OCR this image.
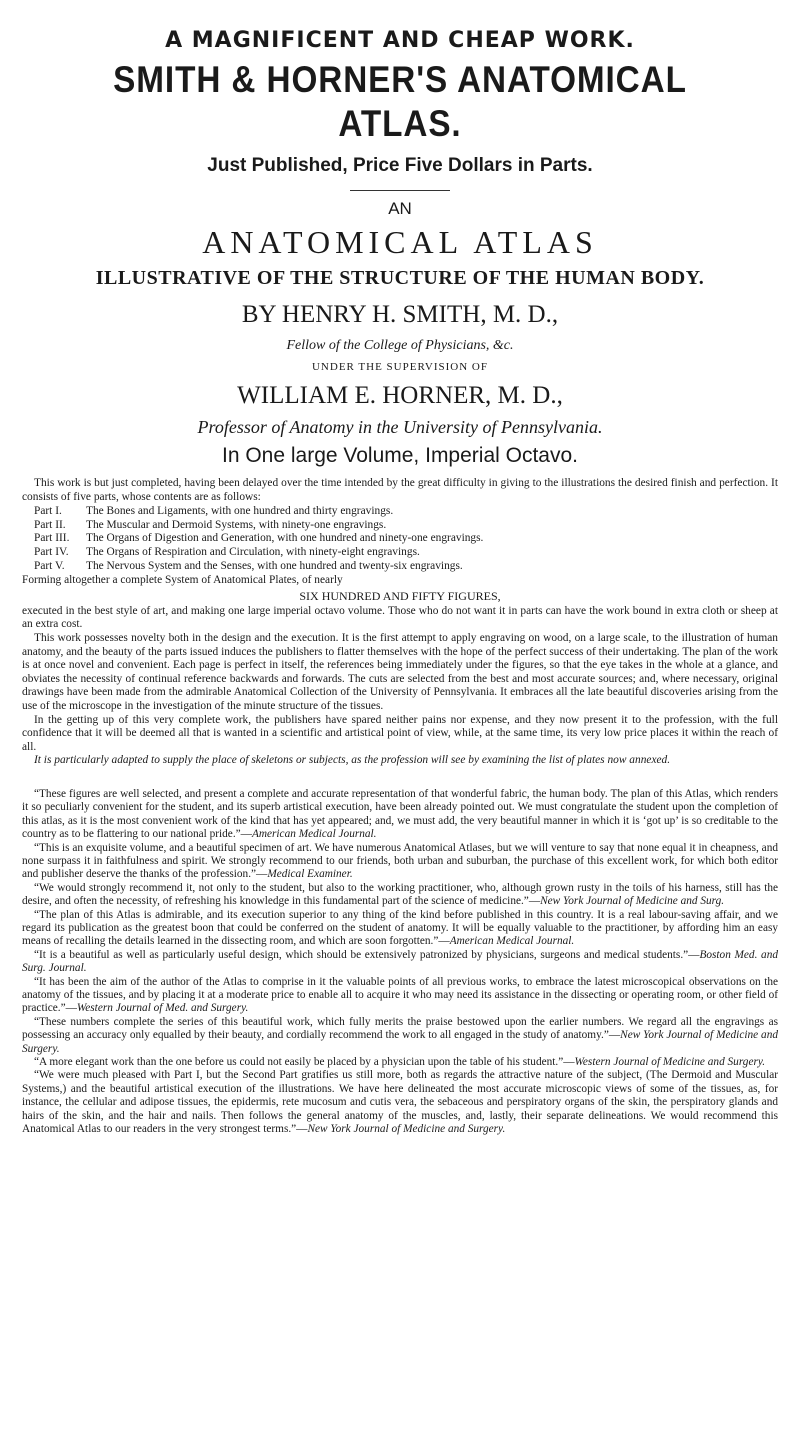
A MAGNIFICENT AND CHEAP WORK.
SMITH & HORNER'S ANATOMICAL ATLAS.
Just Published, Price Five Dollars in Parts.
AN
ANATOMICAL ATLAS
ILLUSTRATIVE OF THE STRUCTURE OF THE HUMAN BODY.
BY HENRY H. SMITH, M. D.,
Fellow of the College of Physicians, &c.
UNDER THE SUPERVISION OF
WILLIAM E. HORNER, M. D.,
Professor of Anatomy in the University of Pennsylvania.
In One large Volume, Imperial Octavo.

This work is but just completed, having been delayed over the time intended by the great difficulty in giving to the illustrations the desired finish and perfection. It consists of five parts, whose contents are as follows:

Part I.	The Bones and Ligaments, with one hundred and thirty engravings.
Part II.	The Muscular and Dermoid Systems, with ninety-one engravings.
Part III.	The Organs of Digestion and Generation, with one hundred and ninety-one engravings.
Part IV.	The Organs of Respiration and Circulation, with ninety-eight engravings.
Part V.	The Nervous System and the Senses, with one hundred and twenty-six engravings.
Forming altogether a complete System of Anatomical Plates, of nearly
SIX HUNDRED AND FIFTY FIGURES,
executed in the best style of art, and making one large imperial octavo volume. Those who do not want it in parts can have the work bound in extra cloth or sheep at an extra cost.

This work possesses novelty both in the design and the execution. It is the first attempt to apply engraving on wood, on a large scale, to the illustration of human anatomy, and the beauty of the parts issued induces the publishers to flatter themselves with the hope of the perfect success of their undertaking. The plan of the work is at once novel and convenient. Each page is perfect in itself, the references being immediately under the figures, so that the eye takes in the whole at a glance, and obviates the necessity of continual reference backwards and forwards. The cuts are selected from the best and most accurate sources; and, where necessary, original drawings have been made from the admirable Anatomical Collection of the University of Pennsylvania. It embraces all the late beautiful discoveries arising from the use of the microscope in the investigation of the minute structure of the tissues.

In the getting up of this very complete work, the publishers have spared neither pains nor expense, and they now present it to the profession, with the full confidence that it will be deemed all that is wanted in a scientific and artistical point of view, while, at the same time, its very low price places it within the reach of all.

It is particularly adapted to supply the place of skeletons or subjects, as the profession will see by examining the list of plates now annexed.

“These figures are well selected, and present a complete and accurate representation of that wonderful fabric, the human body. The plan of this Atlas, which renders it so peculiarly convenient for the student, and its superb artistical execution, have been already pointed out. We must congratulate the student upon the completion of this atlas, as it is the most convenient work of the kind that has yet appeared; and, we must add, the very beautiful manner in which it is ‘got up’ is so creditable to the country as to be flattering to our national pride.”—American Medical Journal.

“This is an exquisite volume, and a beautiful specimen of art. We have numerous Anatomical Atlases, but we will venture to say that none equal it in cheapness, and none surpass it in faithfulness and spirit. We strongly recommend to our friends, both urban and suburban, the purchase of this excellent work, for which both editor and publisher deserve the thanks of the profession.”—Medical Examiner.

“We would strongly recommend it, not only to the student, but also to the working practitioner, who, although grown rusty in the toils of his harness, still has the desire, and often the necessity, of refreshing his knowledge in this fundamental part of the science of medicine.”—New York Journal of Medicine and Surg.

“The plan of this Atlas is admirable, and its execution superior to any thing of the kind before published in this country. It is a real labour-saving affair, and we regard its publication as the greatest boon that could be conferred on the student of anatomy. It will be equally valuable to the practitioner, by affording him an easy means of recalling the details learned in the dissecting room, and which are soon forgotten.”—American Medical Journal.

“It is a beautiful as well as particularly useful design, which should be extensively patronized by physicians, surgeons and medical students.”—Boston Med. and Surg. Journal.

“It has been the aim of the author of the Atlas to comprise in it the valuable points of all previous works, to embrace the latest microscopical observations on the anatomy of the tissues, and by placing it at a moderate price to enable all to acquire it who may need its assistance in the dissecting or operating room, or other field of practice.”—Western Journal of Med. and Surgery.

“These numbers complete the series of this beautiful work, which fully merits the praise bestowed upon the earlier numbers. We regard all the engravings as possessing an accuracy only equalled by their beauty, and cordially recommend the work to all engaged in the study of anatomy.”—New York Journal of Medicine and Surgery.

“A more elegant work than the one before us could not easily be placed by a physician upon the table of his student.”—Western Journal of Medicine and Surgery.

“We were much pleased with Part I, but the Second Part gratifies us still more, both as regards the attractive nature of the subject, (The Dermoid and Muscular Systems,) and the beautiful artistical execution of the illustrations. We have here delineated the most accurate microscopic views of some of the tissues, as, for instance, the cellular and adipose tissues, the epidermis, rete mucosum and cutis vera, the sebaceous and perspiratory organs of the skin, the perspiratory glands and hairs of the skin, and the hair and nails. Then follows the general anatomy of the muscles, and, lastly, their separate delineations. We would recommend this Anatomical Atlas to our readers in the very strongest terms.”—New York Journal of Medicine and Surgery.
